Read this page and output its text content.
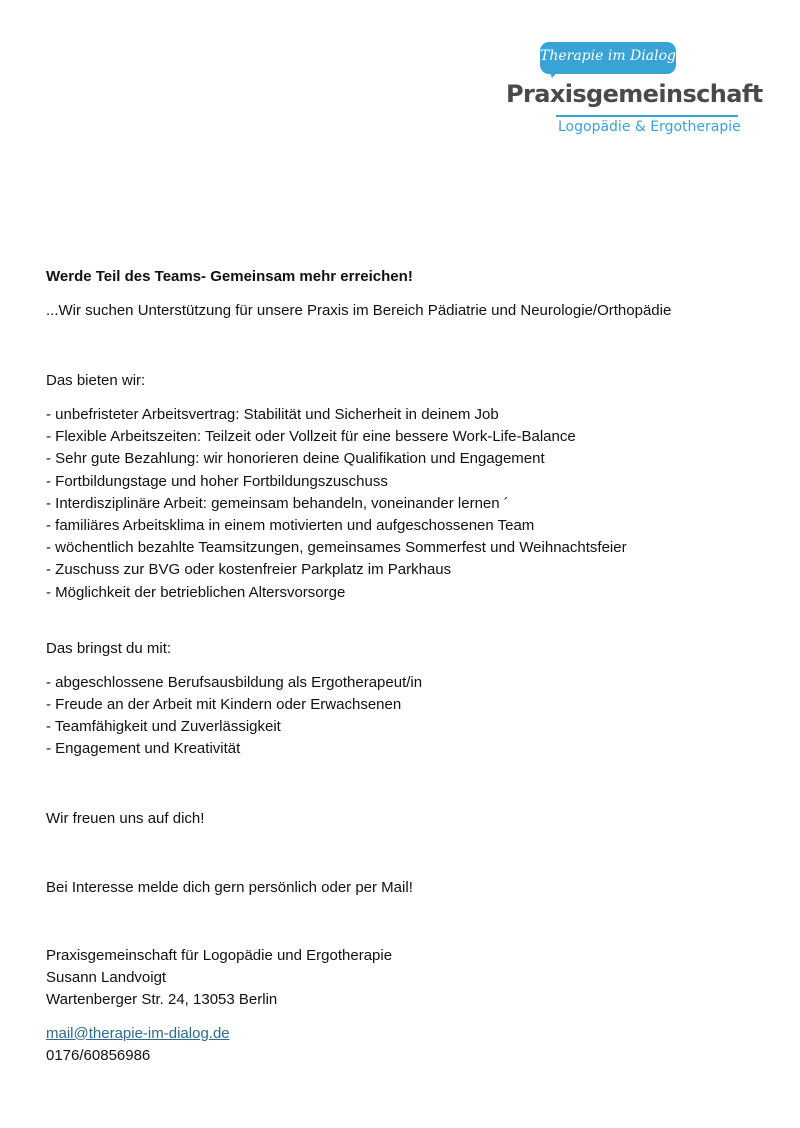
Therapie im Dialog
Praxisgemeinschaft
Logopädie & Ergotherapie

Werde Teil des Teams- Gemeinsam mehr erreichen!

...Wir suchen Unterstützung für unsere Praxis im Bereich Pädiatrie und Neurologie/Orthopädie

Das bieten wir:

- unbefristeter Arbeitsvertrag: Stabilität und Sicherheit in deinem Job
- Flexible Arbeitszeiten: Teilzeit oder Vollzeit für eine bessere Work-Life-Balance
- Sehr gute Bezahlung: wir honorieren deine Qualifikation und Engagement
- Fortbildungstage und hoher Fortbildungszuschuss
- Interdisziplinäre Arbeit: gemeinsam behandeln, voneinander lernen ´
- familiäres Arbeitsklima in einem motivierten und aufgeschossenen Team
- wöchentlich bezahlte Teamsitzungen, gemeinsames Sommerfest und Weihnachtsfeier
- Zuschuss zur BVG oder kostenfreier Parkplatz im Parkhaus
- Möglichkeit der betrieblichen Altersvorsorge

Das bringst du mit:

- abgeschlossene Berufsausbildung als Ergotherapeut/in
- Freude an der Arbeit mit Kindern oder Erwachsenen
- Teamfähigkeit und Zuverlässigkeit
- Engagement und Kreativität

Wir freuen uns auf dich!

Bei Interesse melde dich gern persönlich oder per Mail!

Praxisgemeinschaft für Logopädie und Ergotherapie

Susann Landvoigt

Wartenberger Str. 24, 13053 Berlin

mail@therapie-im-dialog.de

0176/60856986
